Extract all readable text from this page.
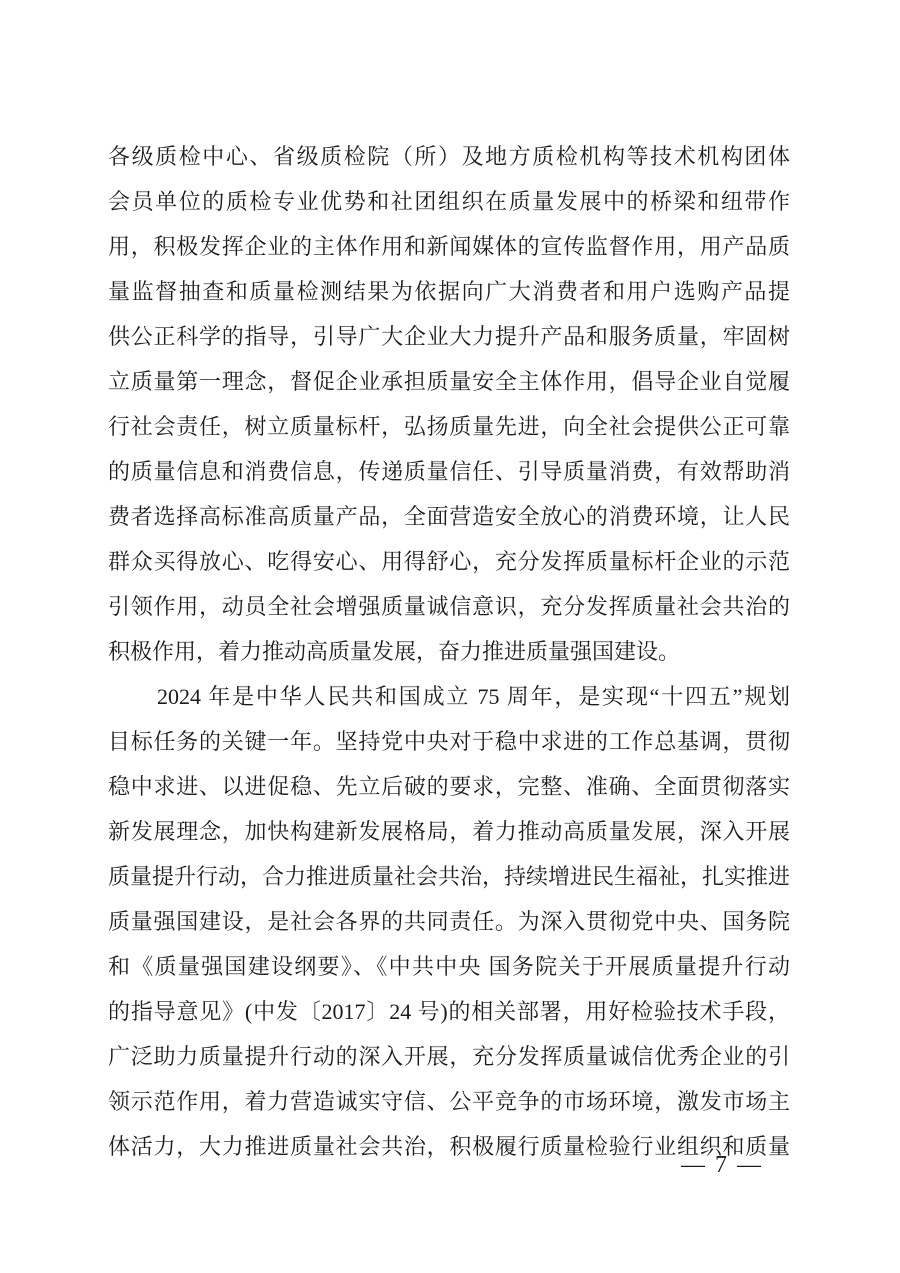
各级质检中心、省级质检院（所）及地方质检机构等技术机构团体
会员单位的质检专业优势和社团组织在质量发展中的桥梁和纽带作
用，积极发挥企业的主体作用和新闻媒体的宣传监督作用，用产品质
量监督抽查和质量检测结果为依据向广大消费者和用户选购产品提
供公正科学的指导，引导广大企业大力提升产品和服务质量，牢固树
立质量第一理念，督促企业承担质量安全主体作用，倡导企业自觉履
行社会责任，树立质量标杆，弘扬质量先进，向全社会提供公正可靠
的质量信息和消费信息，传递质量信任、引导质量消费，有效帮助消
费者选择高标准高质量产品，全面营造安全放心的消费环境，让人民
群众买得放心、吃得安心、用得舒心，充分发挥质量标杆企业的示范
引领作用，动员全社会增强质量诚信意识，充分发挥质量社会共治的
积极作用，着力推动高质量发展，奋力推进质量强国建设。
2024 年是中华人民共和国成立 75 周年，是实现“十四五”规划
目标任务的关键一年。坚持党中央对于稳中求进的工作总基调，贯彻
稳中求进、以进促稳、先立后破的要求，完整、准确、全面贯彻落实
新发展理念，加快构建新发展格局，着力推动高质量发展，深入开展
质量提升行动，合力推进质量社会共治，持续增进民生福祉，扎实推进
质量强国建设，是社会各界的共同责任。为深入贯彻党中央、国务院
和《质量强国建设纲要》、《中共中央 国务院关于开展质量提升行动
的指导意见》(中发〔2017〕24 号)的相关部署，用好检验技术手段，
广泛助力质量提升行动的深入开展，充分发挥质量诚信优秀企业的引
领示范作用，着力营造诚实守信、公平竞争的市场环境，激发市场主
体活力，大力推进质量社会共治，积极履行质量检验行业组织和质量
— 7 —
